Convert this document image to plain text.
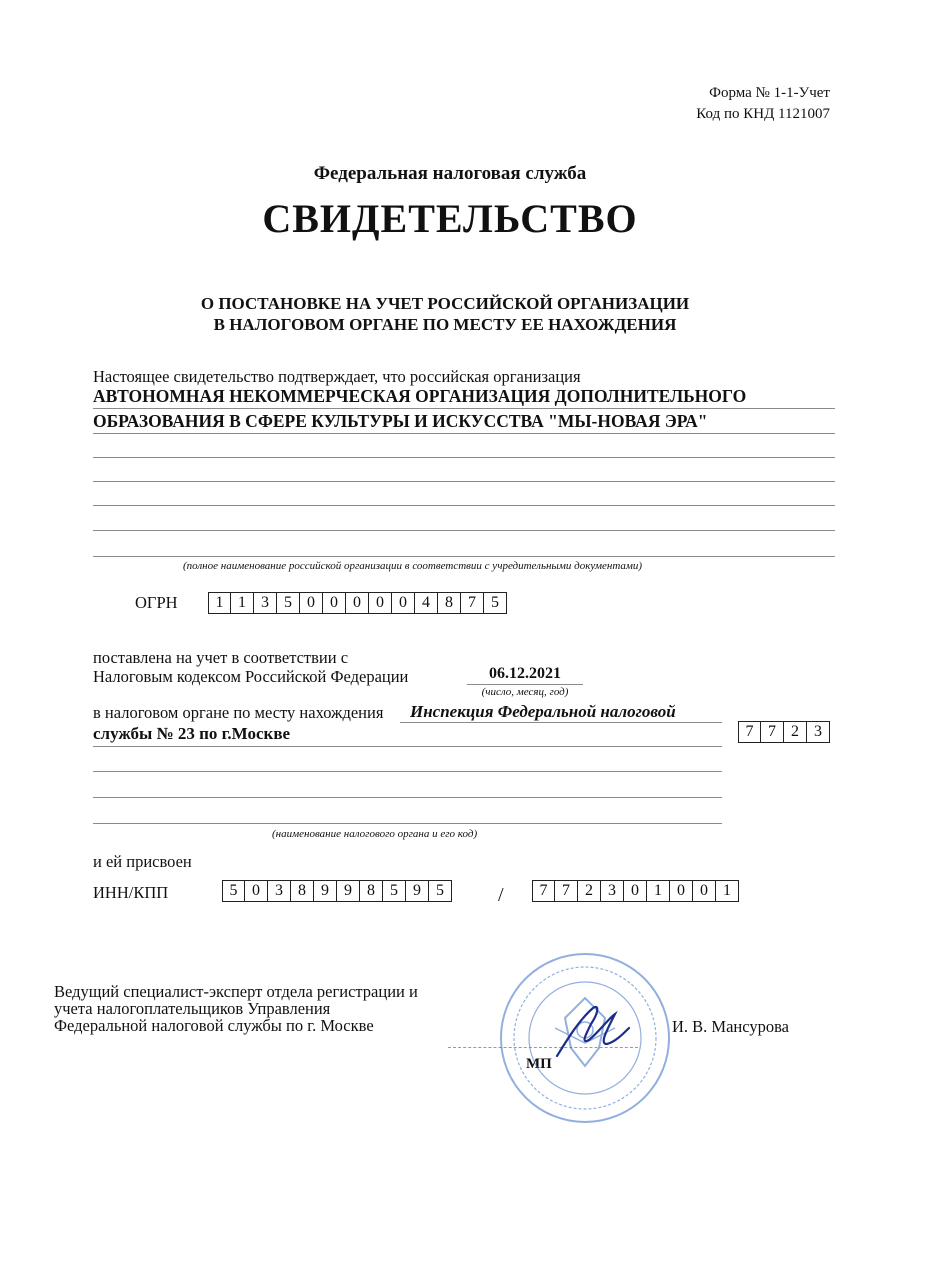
Форма № 1-1-Учет
Код по КНД 1121007
Федеральная налоговая служба
СВИДЕТЕЛЬСТВО
О ПОСТАНОВКЕ НА УЧЕТ РОССИЙСКОЙ ОРГАНИЗАЦИИ
В НАЛОГОВОМ ОРГАНЕ ПО МЕСТУ ЕЕ НАХОЖДЕНИЯ
Настоящее свидетельство подтверждает, что российская организация
АВТОНОМНАЯ НЕКОММЕРЧЕСКАЯ ОРГАНИЗАЦИЯ ДОПОЛНИТЕЛЬНОГО
ОБРАЗОВАНИЯ В СФЕРЕ КУЛЬТУРЫ И ИСКУССТВА "МЫ-НОВАЯ ЭРА"
(полное наименование российской организации в соответствии с учредительными документами)
ОГРН	1 1 3 5 0 0 0 0 0 4 8 7 5
поставлена на учет в соответствии с
Налоговым кодексом Российской Федерации	06.12.2021
(число, месяц, год)
в налоговом органе по месту нахождения Инспекция Федеральной налоговой
службы № 23 по г.Москве	7 7 2 3
(наименование налогового органа и его код)
и ей присвоен
ИНН/КПП	5 0 3 8 9 9 8 5 9 5	/	7 7 2 3 0 1 0 0 1
Ведущий специалист-эксперт отдела регистрации и
учета налогоплательщиков Управления
Федеральной налоговой службы по г. Москве	И. В. Мансурова
МП
